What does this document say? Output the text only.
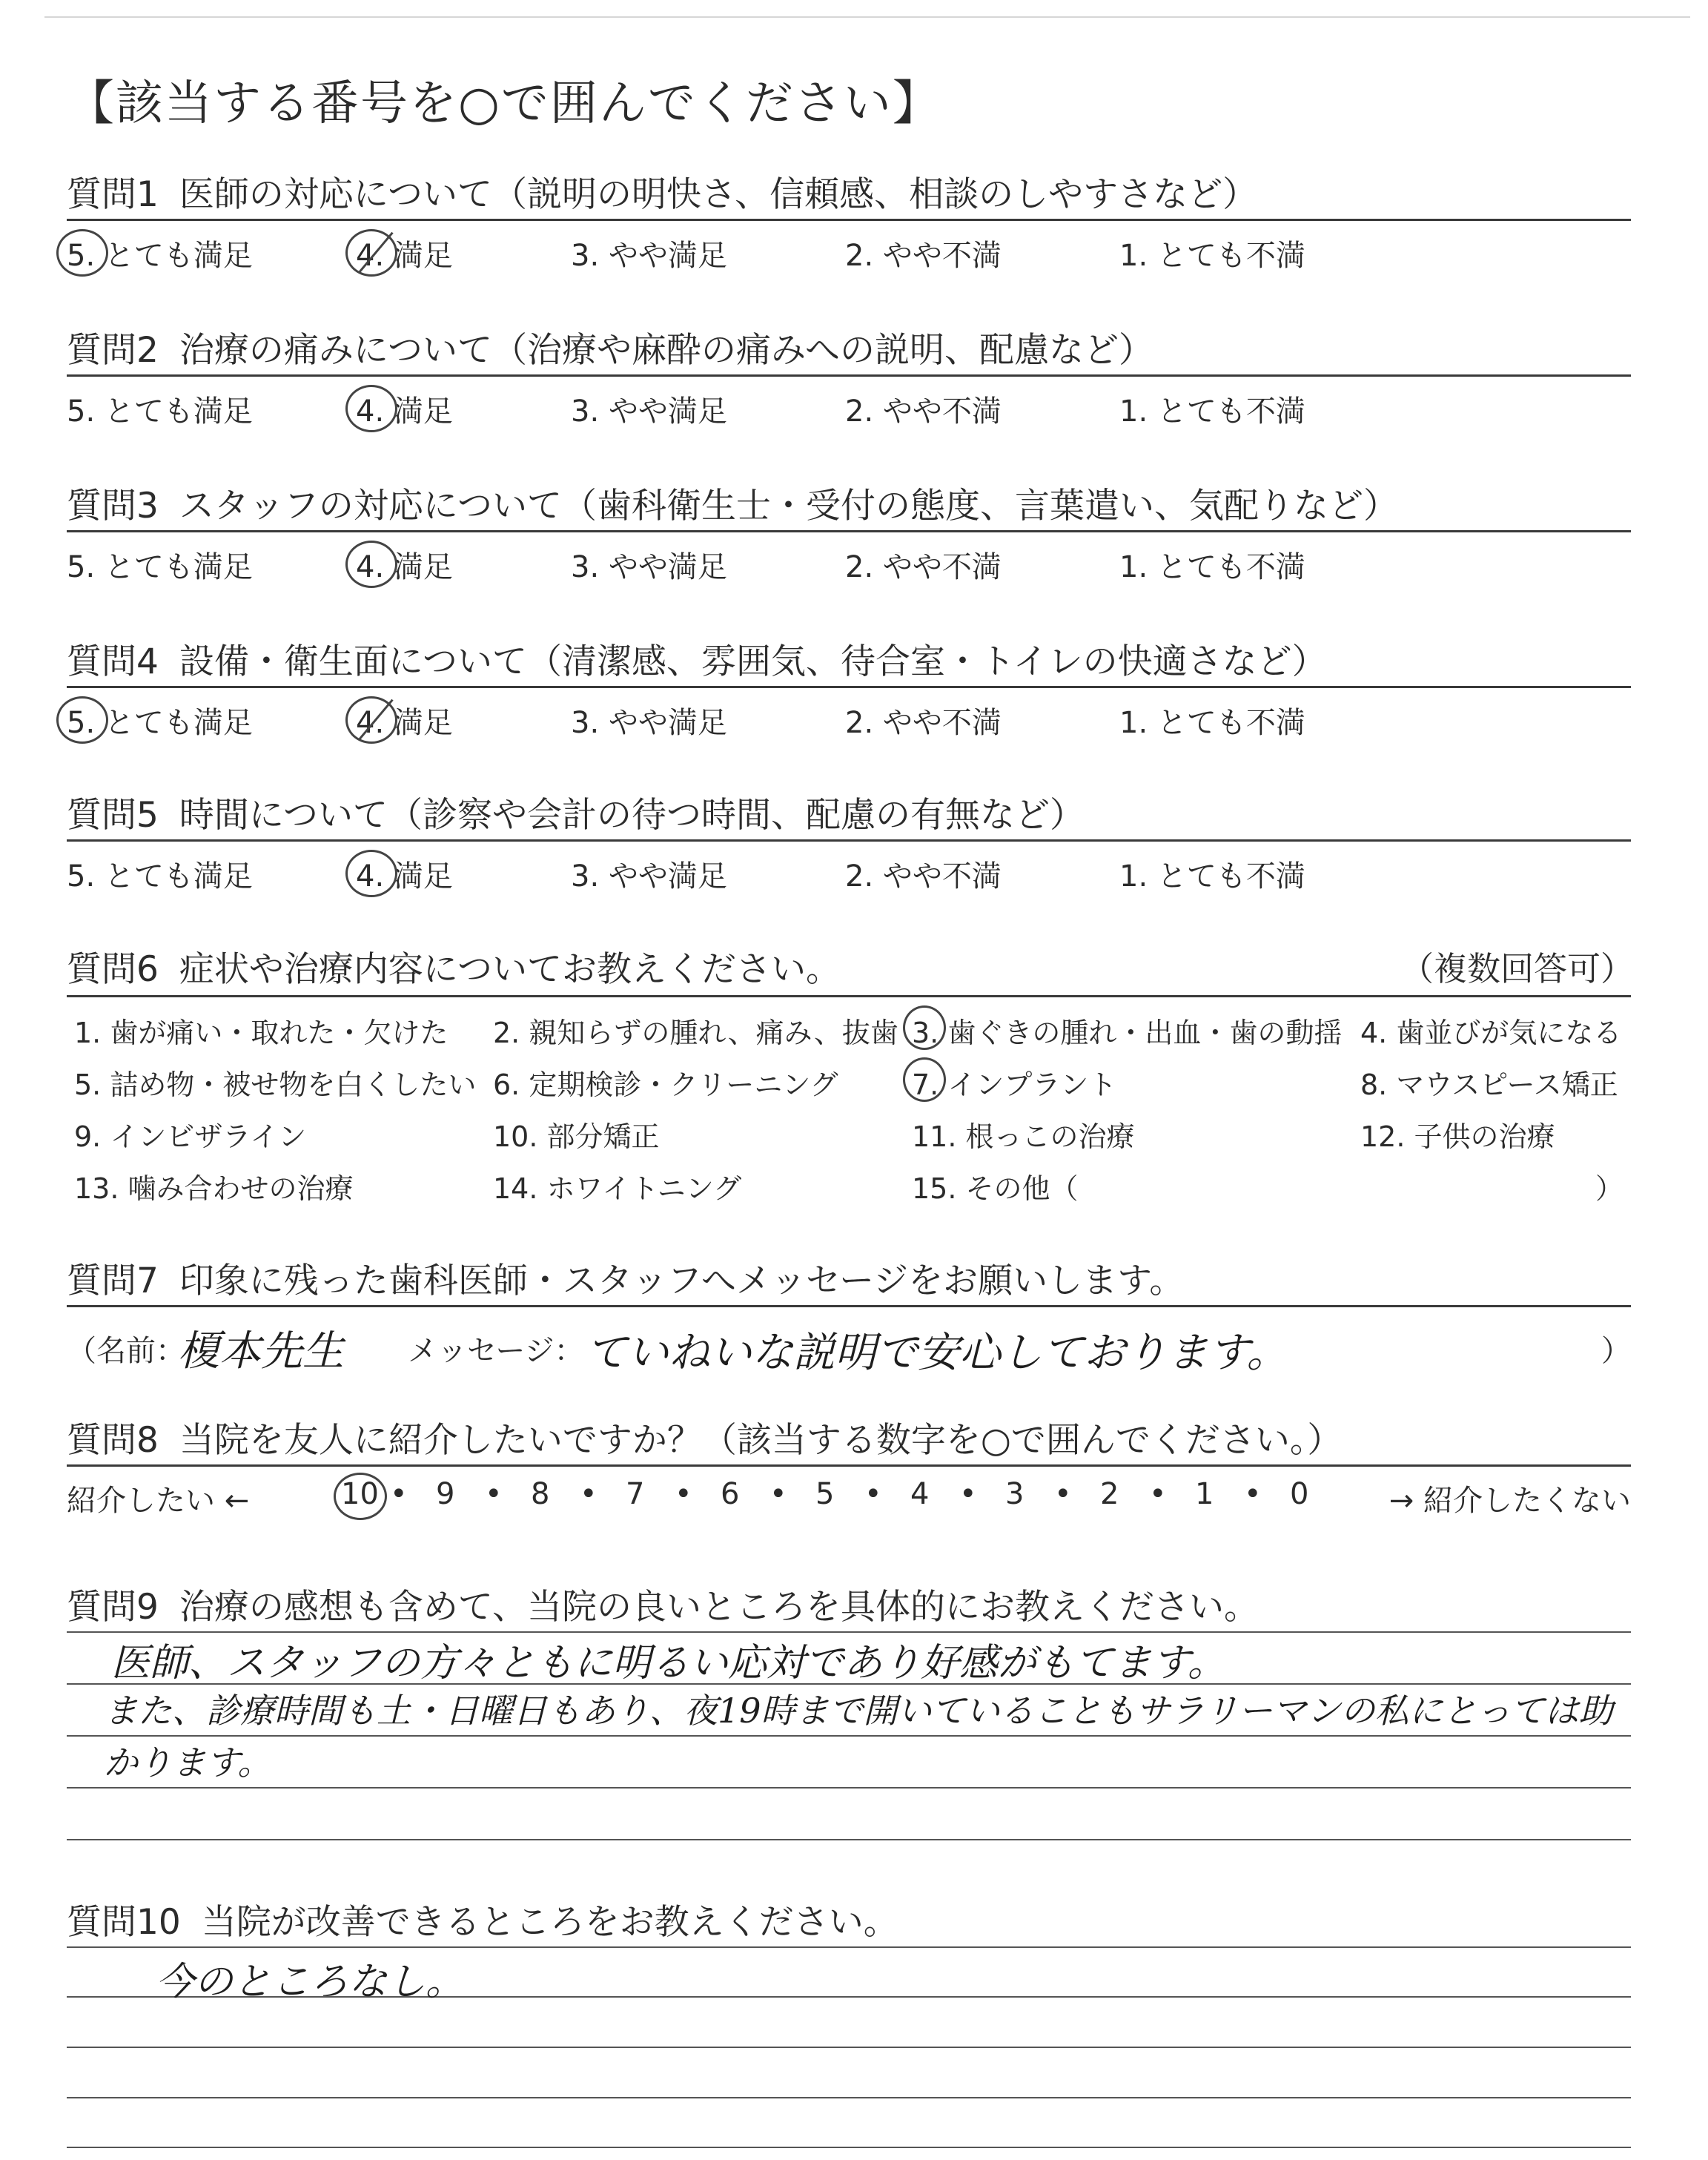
【該当する番号を○で囲んでください】
質問1 医師の対応について（説明の明快さ、信頼感、相談のしやすさなど）
5. とても満足	4. 満足	3. やや満足	2. やや不満	1. とても不満
質問2 治療の痛みについて（治療や麻酔の痛みへの説明、配慮など）
5. とても満足	4. 満足	3. やや満足	2. やや不満	1. とても不満
質問3 スタッフの対応について（歯科衛生士・受付の態度、言葉遣い、気配りなど）
5. とても満足	4. 満足	3. やや満足	2. やや不満	1. とても不満
質問4 設備・衛生面について（清潔感、雰囲気、待合室・トイレの快適さなど）
5. とても満足	4. 満足	3. やや満足	2. やや不満	1. とても不満
質問5 時間について（診察や会計の待つ時間、配慮の有無など）
5. とても満足	4. 満足	3. やや満足	2. やや不満	1. とても不満
質問6 症状や治療内容についてお教えください。	（複数回答可）
1. 歯が痛い・取れた・欠けた 2. 親知らずの腫れ、痛み、抜歯 3. 歯ぐきの腫れ・出血・歯の動揺 4. 歯並びが気になる
5. 詰め物・被せ物を白くしたい 6. 定期検診・クリーニング	7. インプラント	8. マウスピース矯正
9. インビザライン	10. 部分矯正	11. 根っこの治療	12. 子供の治療
13. 噛み合わせの治療	14. ホワイトニング	15. その他（	）
質問7 印象に残った歯科医師・スタッフへメッセージをお願いします。
（名前：
榎本先生 メッセージ： ていねいな説明で安心しております。	）
質問8 当院を友人に紹介したいですか？（該当する数字を○で囲んでください。）
紹介したい ←	→ 紹介したくない
10 • 9 • 8 • 7 • 6 • 5 • 4 • 3 • 2 • 1 • 0
質問9 治療の感想も含めて、当院の良いところを具体的にお教えください。
医師、スタッフの方々ともに明るい応対であり好感がもてます。
また、診療時間も土・日曜日もあり、夜19時まで開いていることもサラリーマンの私にとっては助かります。
質問10 当院が改善できるところをお教えください。
今のところなし。
